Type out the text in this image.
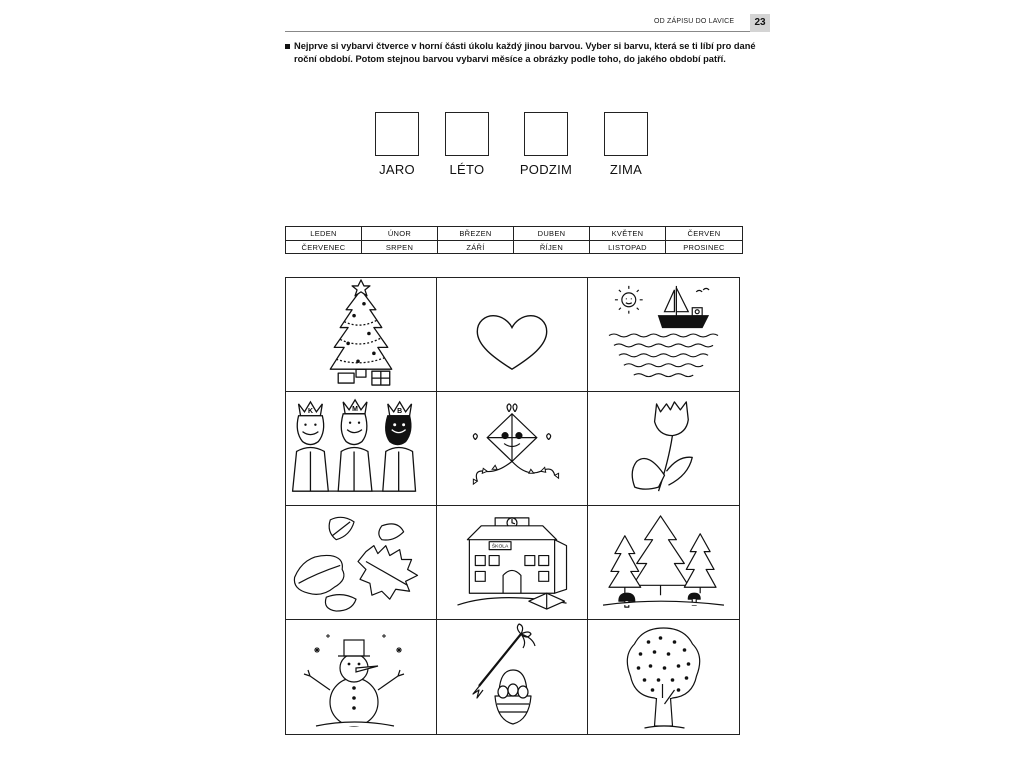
OD ZÁPISU DO LAVICE	23
Nejprve si vybarvi čtverce v horní části úkolu každý jinou barvou. Vyber si barvu, která se ti líbí pro dané roční období. Potom stejnou barvou vybarvi měsíce a obrázky podle toho, do jakého období patří.
JARO	LÉTO	PODZIM	ZIMA
LEDEN	ÚNOR	BŘEZEN	DUBEN	KVĚTEN	ČERVEN
ČERVENEC	SRPEN	ZÁŘÍ	ŘÍJEN	LISTOPAD	PROSINEC
K	M	B
ŠKOLA
